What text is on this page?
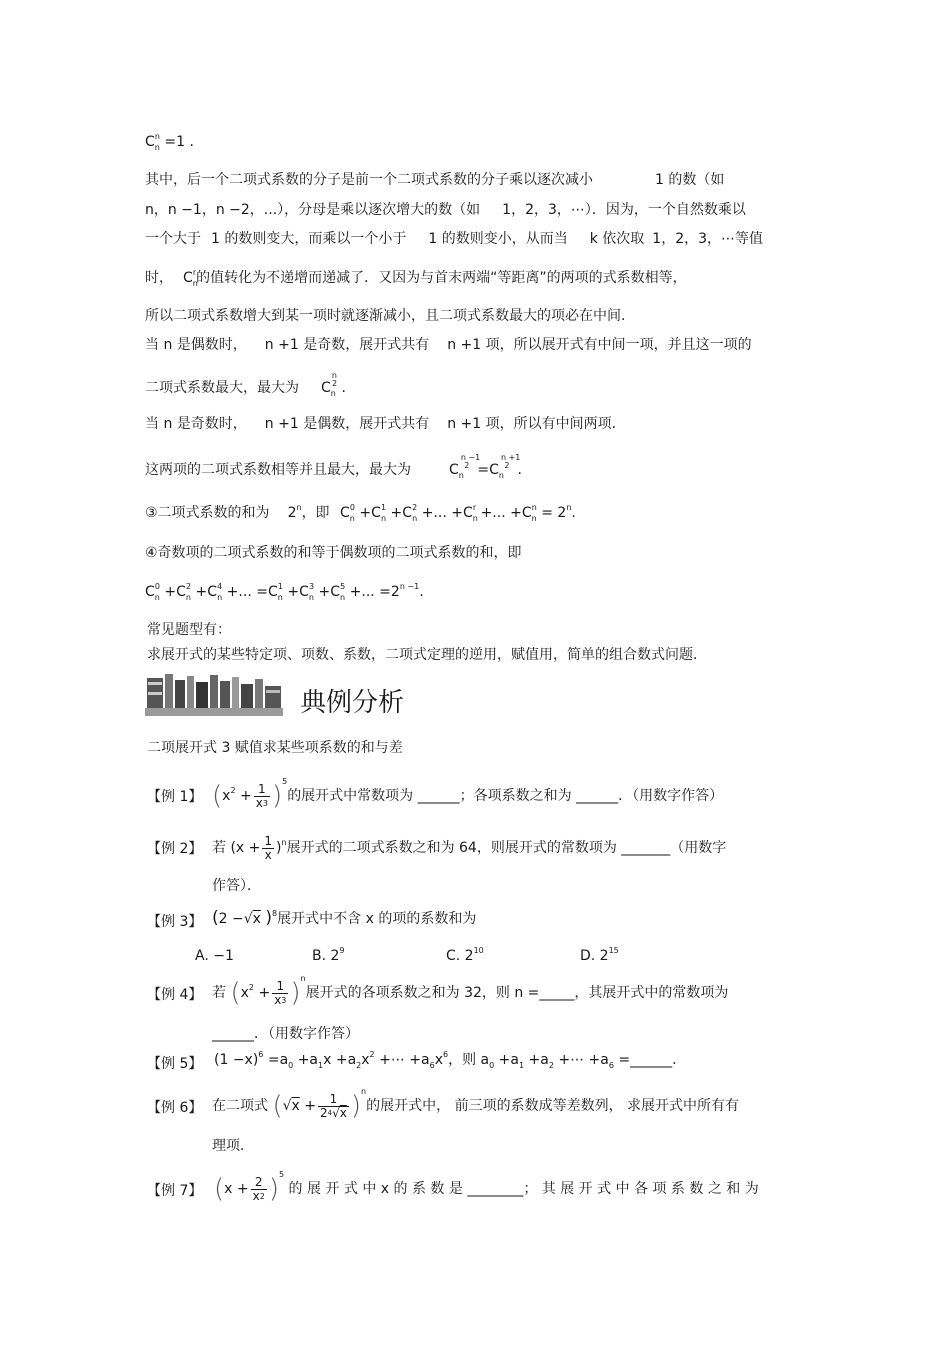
$C_n^n =1$ .
其中，后一个二项式系数的分子是前一个二项式系数的分子乘以逐次减小	1 的数（如
n，n −1，n −2，...），分母是乘以逐次增大的数（如 1，2，3，⋯）．因为，一个自然数乘以
一个大于 1 的数则变大，而乘以一个小于 1 的数则变小，从而当 k 依次取 1，2，3，⋯等值
时， $C_n^r$的值转化为不递增而递减了．又因为与首末两端“等距离”的两项的式系数相等，
所以二项式系数增大到某一项时就逐渐减小，且二项式系数最大的项必在中间．
当 n 是偶数时， n +1 是奇数，展开式共有 n +1 项，所以展开式有中间一项，并且这一项的
二项式系数最大，最大为 $C_n^{n2}$ .
当 n 是奇数时， n +1 是偶数，展开式共有 n +1 项，所以有中间两项．
这两项的二项式系数相等并且最大，最大为	$C_n^{n -12} =C_n^{n +12}$ .
③二项式系数的和为 2$^n$，即 $C_n^0 +C_n^1 +C_n^2$ +... $+C_n^r$ +... $+C_n^n = 2^n$.
④奇数项的二项式系数的和等于偶数项的二项式系数的和，即
$C_n^0 +C_n^2 +C_n^4$ +... $=C_n^1 +C_n^3 +C_n^5$ +... $=2^{n -1}$.
常见题型有：
求展开式的某些特定项、项数、系数，二项式定理的逆用，赋值用，简单的组合数式问题．
典例分析
二项展开式 3 赋值求某些项系数的和与差
【例 1】 $(x^2 + \frac{1}{x^3} )^5$的展开式中常数项为 ______；各项系数之和为 ______．（用数字作答）
【例 2】 若 $(x + \frac{1}{x} )^n$展开式的二项式系数之和为 64，则展开式的常数项为 _______（用数字
作答）．
【例 3】 (2 −√x )$^8$展开式中不含 x 的项的系数和为
A. −1	B. $2^9$	C. $2^{10}$	D. $2^{15}$
【例 4】 若 $(x^2 + \frac{1}{x^3} )^n$展开式的各项系数之和为 32，则 n =_____，其展开式中的常数项为
______．（用数字作答）
【例 5】 $(1 -x)^6 =a_0 +a_1x +a_2x^2$ +⋯ $+a_6x^6$，则 $a_0 +a_1 +a_2$ +⋯ $+a_6$ =______.
【例 6】 在二项式 $(√x + \frac{1}{2^4√x} )^n$的展开式中， 前三项的系数成等差数列， 求展开式中所有有
理项．
【例 7】 $(x + \frac{2}{x^2} )^5$ 的 展 开 式 中 x 的 系 数 是 ________； 其 展 开 式 中 各 项 系 数 之 和 为
